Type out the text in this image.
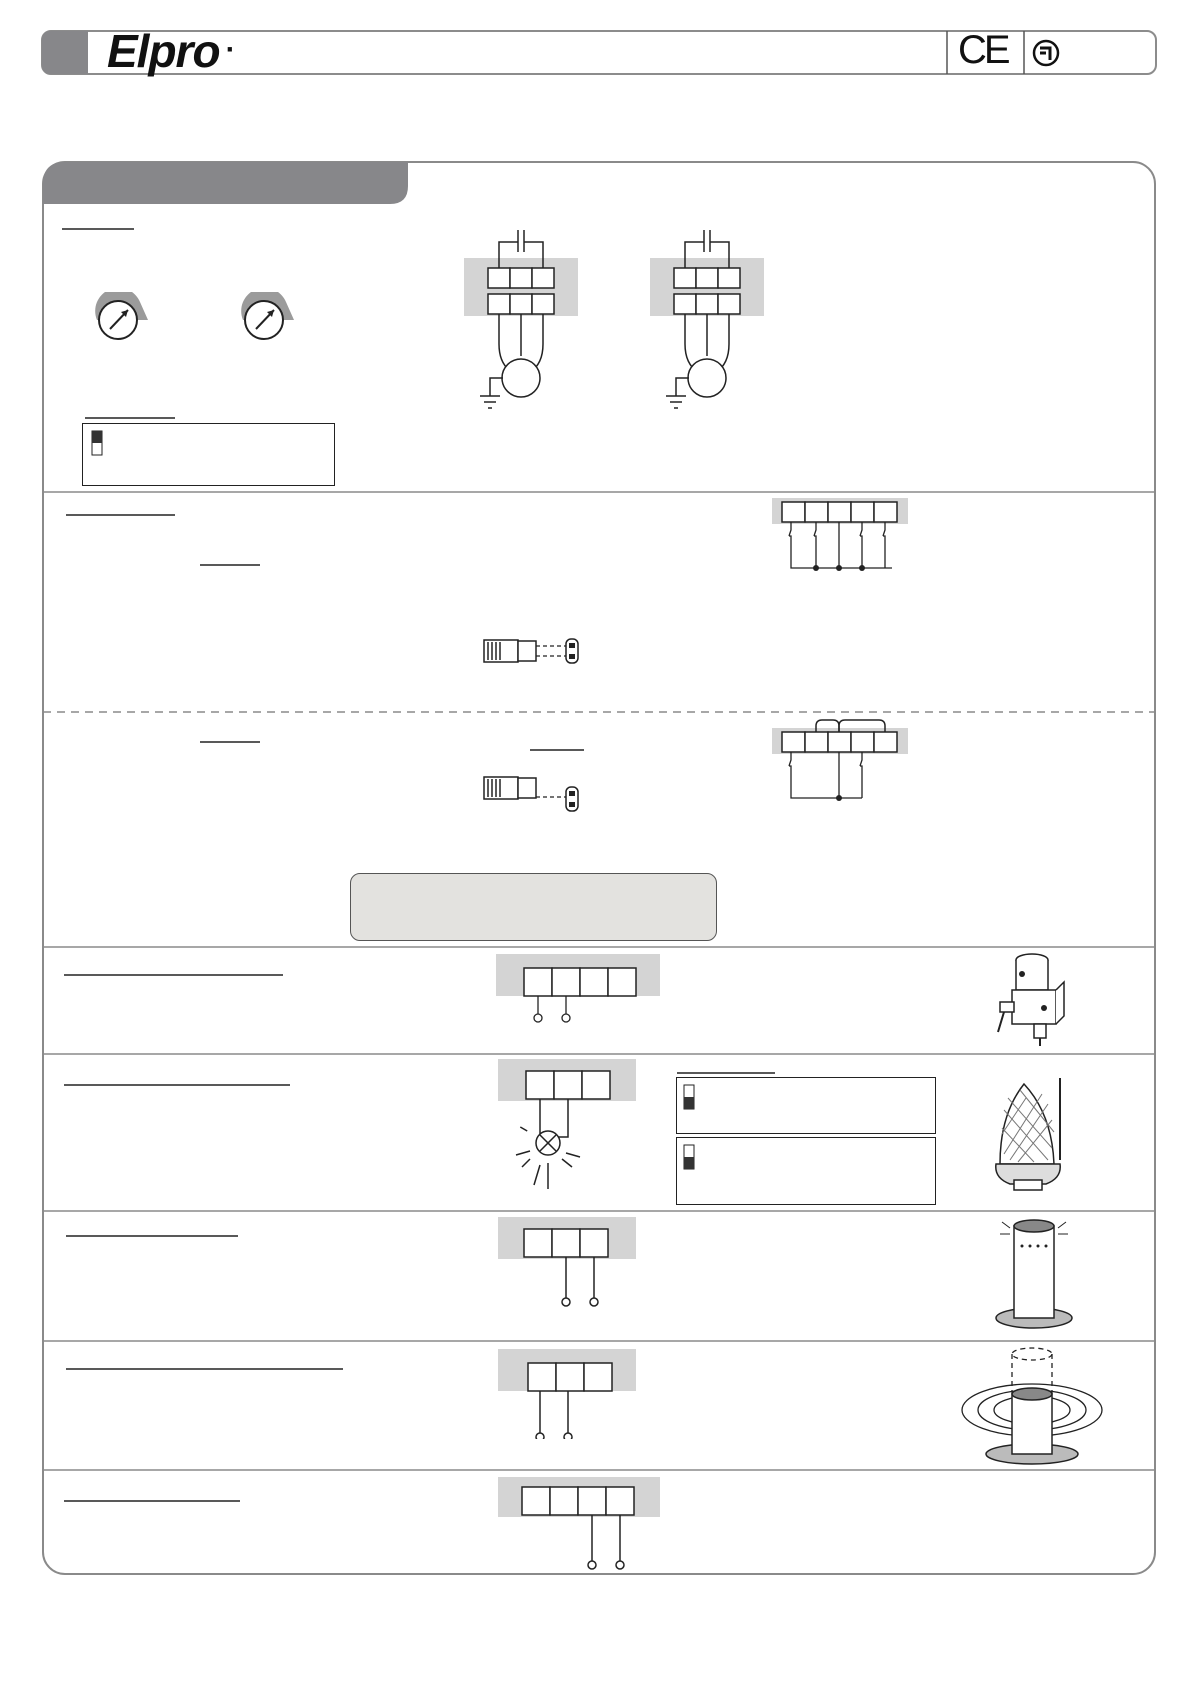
Elpro ·	CE
